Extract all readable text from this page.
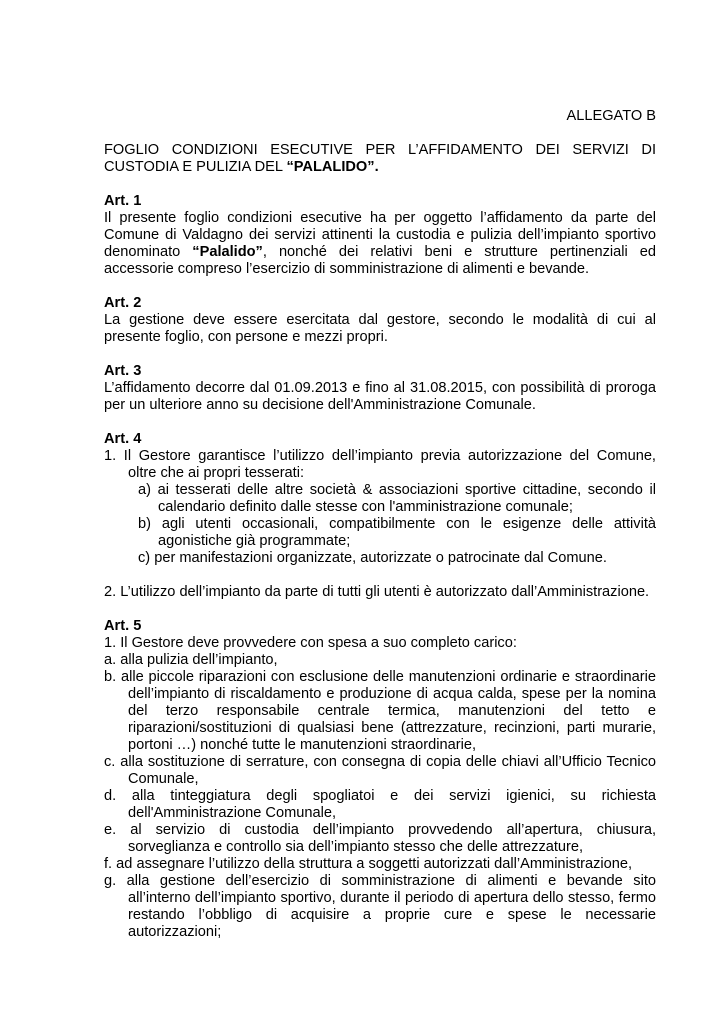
ALLEGATO B

FOGLIO CONDIZIONI ESECUTIVE PER L’AFFIDAMENTO DEI SERVIZI DI CUSTODIA E PULIZIA DEL “PALALIDO”.

Art. 1

Il presente foglio condizioni esecutive ha per oggetto l’affidamento da parte del Comune di Valdagno dei servizi attinenti la custodia e pulizia dell’impianto sportivo denominato “Palalido”, nonché dei relativi beni e strutture pertinenziali ed accessorie compreso l’esercizio di somministrazione di alimenti e bevande.

Art. 2

La gestione deve essere esercitata dal gestore, secondo le modalità di cui al presente foglio, con persone e mezzi propri.

Art. 3

L’affidamento decorre dal 01.09.2013 e fino al 31.08.2015, con possibilità di proroga per un ulteriore anno su decisione dell'Amministrazione Comunale.

Art. 4

1. Il Gestore garantisce l’utilizzo dell’impianto previa autorizzazione del Comune, oltre che ai propri tesserati:

a) ai tesserati delle altre società & associazioni sportive cittadine, secondo il calendario definito dalle stesse con l'amministrazione comunale;

b) agli utenti occasionali, compatibilmente con le esigenze delle attività agonistiche già programmate;

c) per manifestazioni organizzate, autorizzate o patrocinate dal Comune.

2. L’utilizzo dell’impianto da parte di tutti gli utenti è autorizzato dall’Amministrazione.

Art. 5

1. Il Gestore deve provvedere con spesa a suo completo carico:

a. alla pulizia dell’impianto,

b. alle piccole riparazioni con esclusione delle manutenzioni ordinarie e straordinarie dell’impianto di riscaldamento e produzione di acqua calda, spese per la nomina del terzo responsabile centrale termica, manutenzioni del tetto e riparazioni/sostituzioni di qualsiasi bene (attrezzature, recinzioni, parti murarie, portoni …) nonché tutte le manutenzioni straordinarie,

c. alla sostituzione di serrature, con consegna di copia delle chiavi all’Ufficio Tecnico Comunale,

d. alla tinteggiatura degli spogliatoi e dei servizi igienici, su richiesta dell'Amministrazione Comunale,

e. al servizio di custodia dell’impianto provvedendo all’apertura, chiusura, sorveglianza e controllo sia dell’impianto stesso che delle attrezzature,

f. ad assegnare l’utilizzo della struttura a soggetti autorizzati dall’Amministrazione,

g. alla gestione dell’esercizio di somministrazione di alimenti e bevande sito all’interno dell’impianto sportivo, durante il periodo di apertura dello stesso, fermo restando l’obbligo di acquisire a proprie cure e spese le necessarie autorizzazioni;
